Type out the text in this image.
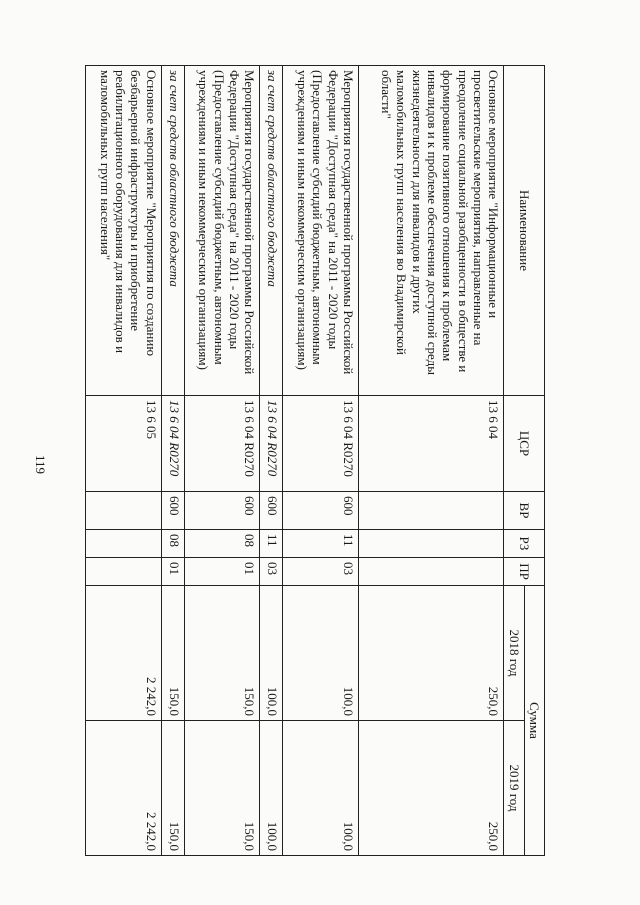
119
Наименование	ЦСР	ВР	РЗ	ПР	Сумма	
					2018 год	2019 год
Основное мероприятие "Информационные и просветительские мероприятия, направленные на преодоление социальной разобщенности в обществе и формирование позитивного отношения к проблемам инвалидов и к проблеме обеспечения доступной среды жизнедеятельности для инвалидов и других маломобильных групп населения во Владимирской области"	13 6 04				250,0	250,0
Мероприятия государственной программы Российской Федерации "Доступная среда" на 2011 - 2020 годы (Предоставление субсидий бюджетным, автономным учреждениям и иным некоммерческим организациям)	13 6 04 R0270	600	11	03	100,0	100,0
за счет средств областного бюджета	13 6 04 R0270	600	11	03	100,0	100,0
Мероприятия государственной программы Российской Федерации "Доступная среда" на 2011 - 2020 годы (Предоставление субсидий бюджетным, автономным учреждениям и иным некоммерческим организациям)	13 6 04 R0270	600	08	01	150,0	150,0
за счет средств областного бюджета	13 6 04 R0270	600	08	01	150,0	150,0
Основное мероприятие "Мероприятия по созданию безбарьерной инфраструктуры и приобретение реабилитационного оборудования для инвалидов и маломобильных групп населения"	13 6 05				2 242,0	2 242,0
